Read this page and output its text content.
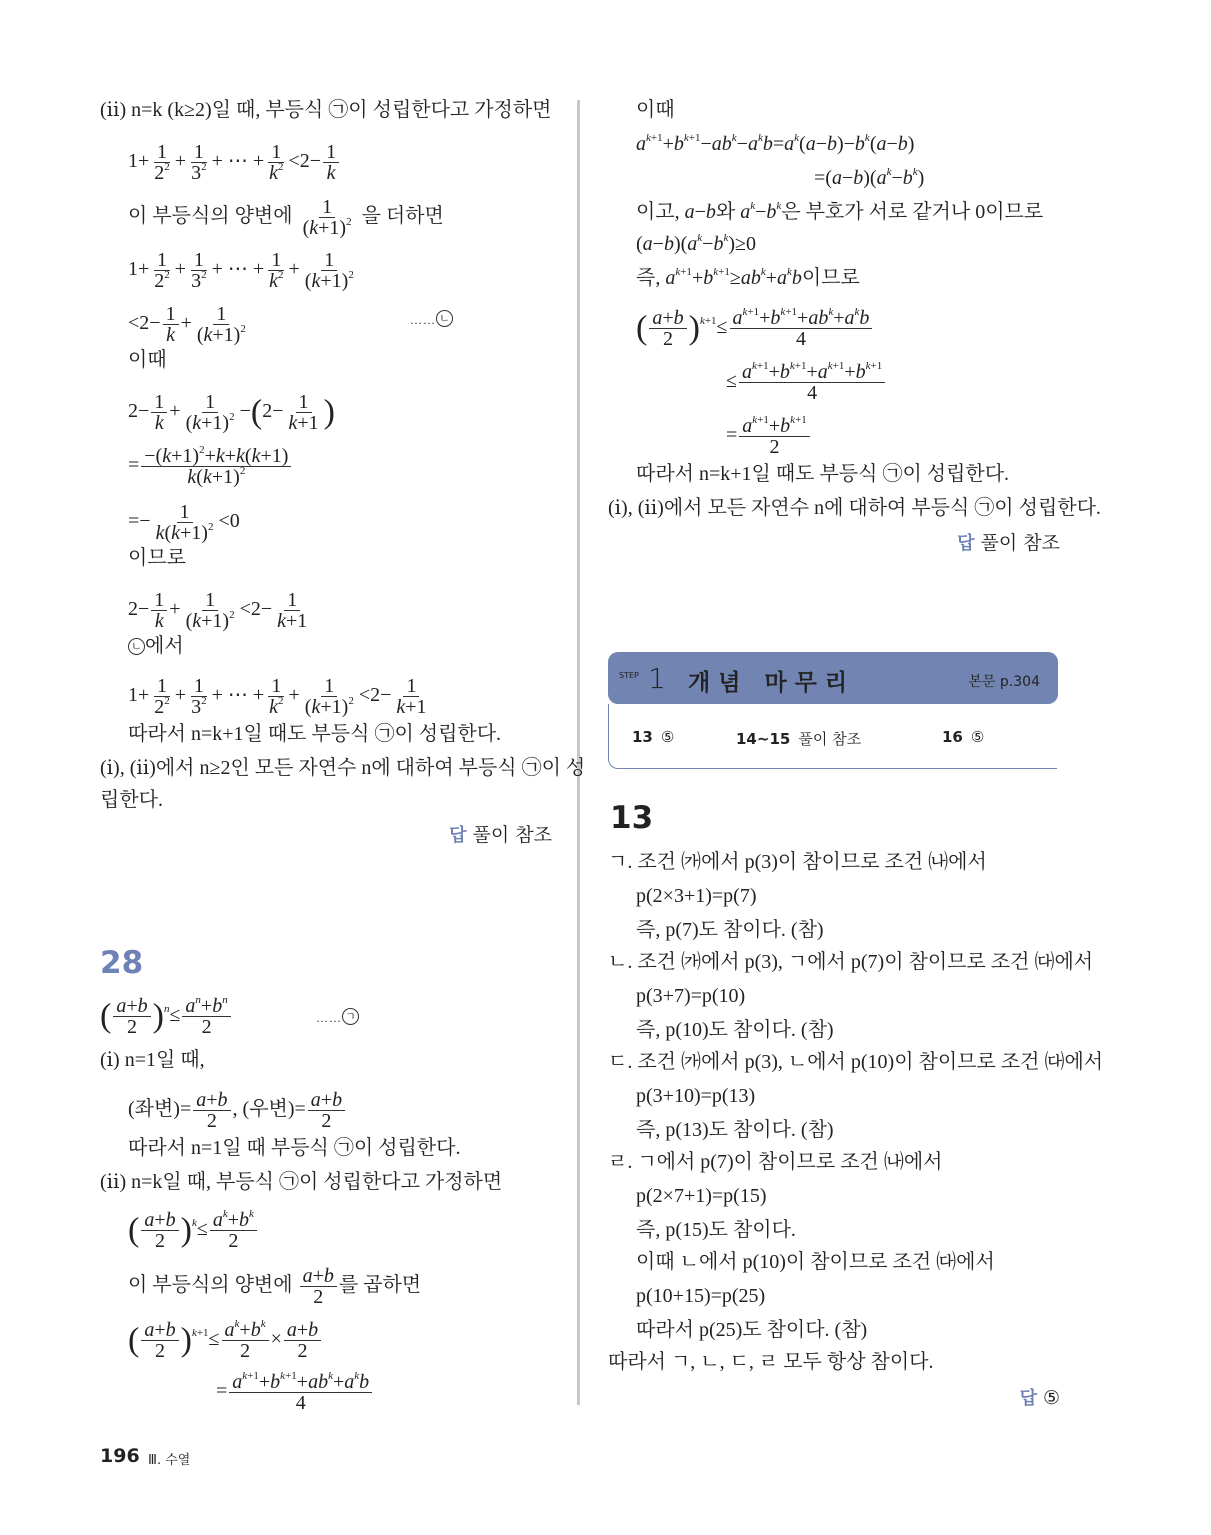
(ⅱ) n=k (k≥2)일 때, 부등식 ㉠이 성립한다고 가정하면
$1+ \frac{1}{2^2} + \frac{1}{3^2}$ + ⋯ + $\frac{1}{k^2} <2- \frac{1}{k}$
이 부등식의 양변에 $\frac{1}{(k+1)^2}$ 을 더하면
$1+ \frac{1}{2^2} + \frac{1}{3^2}$ + ⋯ + $\frac{1}{k^2} + \frac{1}{(k+1)^2}$
$<2- \frac{1}{k} + \frac{1}{(k+1)^2}$	…… ㄴ
이때
$2- \frac{1}{k} + \frac{1}{(k+1)^2} -(2- \frac{1}{k+1}$ )
= $\frac{-(k+1)^2+k+k(k+1)}{k(k+1)^2}$
=− $\frac{1}{k(k+1)^2} <0$
이므로
$2- \frac{1}{k} + \frac{1}{(k+1)^2} <2- \frac{1}{k+1}$
ㄴ 에서
$1+ \frac{1}{2^2} + \frac{1}{3^2}$ + ⋯ + $\frac{1}{k^2} + \frac{1}{(k+1)^2} <2- \frac{1}{k+1}$
따라서 n=k+1일 때도 부등식 ㉠이 성립한다.
(ⅰ), (ⅱ)에서 n≥2인 모든 자연수 n에 대하여 부등식 ㉠이 성
립한다.
답 풀이 참조
28
( $\frac{a+b}{2} )^n\le \frac{a^n+b^n}{2}$	…… ㄱ
(ⅰ) n=1일 때,
(좌변)= $\frac{a+b}{2}$ , (우변)= $\frac{a+b}{2}$
따라서 n=1일 때 부등식 ㉠이 성립한다.
(ⅱ) n=k일 때, 부등식 ㉠이 성립한다고 가정하면
( $\frac{a+b}{2} )^k\le \frac{a^k+b^k}{2}$
이 부등식의 양변에 $\frac{a+b}{2}$ 를 곱하면
( $\frac{a+b}{2} )^{k+1}\le \frac{a^k+b^k}{2} \times \frac{a+b}{2}$
= $\frac{a^{k+1}+b^{k+1}+ab^k+a^kb}{4}$
이때
$a^{k+1}+b^{k+1}-ab^k-a^kb=a^k(a-b)-b^k(a-b)$
$=(a-b)(a^k-b^k)$
이고, a−b와 $a^k-b^k$은 부호가 서로 같거나 0이므로
$(a-b)(a^k-b^k)\ge 0$
즉, $a^{k+1}+b^{k+1}\ge ab^k+a^kb$이므로
( $\frac{a+b}{2} )^{k+1}\le \frac{a^{k+1}+b^{k+1}+ab^k+a^kb}{4}$
≤ $\frac{a^{k+1}+b^{k+1}+a^{k+1}+b^{k+1}}{4}$
= $\frac{a^{k+1}+b^{k+1}}{2}$
따라서 n=k+1일 때도 부등식 ㉠이 성립한다.
(ⅰ), (ⅱ)에서 모든 자연수 n에 대하여 부등식 ㉠이 성립한다.
답 풀이 참조
13
ㄱ. 조건 ㈎에서 p(3)이 참이므로 조건 ㈏에서
p(2×3+1)=p(7)
즉, p(7)도 참이다. (참)
ㄴ. 조건 ㈎에서 p(3), ㄱ에서 p(7)이 참이므로 조건 ㈐에서
p(3+7)=p(10)
즉, p(10)도 참이다. (참)
ㄷ. 조건 ㈎에서 p(3), ㄴ에서 p(10)이 참이므로 조건 ㈐에서
p(3+10)=p(13)
즉, p(13)도 참이다. (참)
ㄹ. ㄱ에서 p(7)이 참이므로 조건 ㈏에서
p(2×7+1)=p(15)
즉, p(15)도 참이다.
이때 ㄴ에서 p(10)이 참이므로 조건 ㈐에서
p(10+15)=p(25)
따라서 p(25)도 참이다. (참)
따라서 ㄱ, ㄴ, ㄷ, ㄹ 모두 항상 참이다.
답 ⑤
STEP 1 개념 마무리	본문 p.304
13 ⑤	14~15 풀이 참조	16 ⑤
196 Ⅲ. 수열
